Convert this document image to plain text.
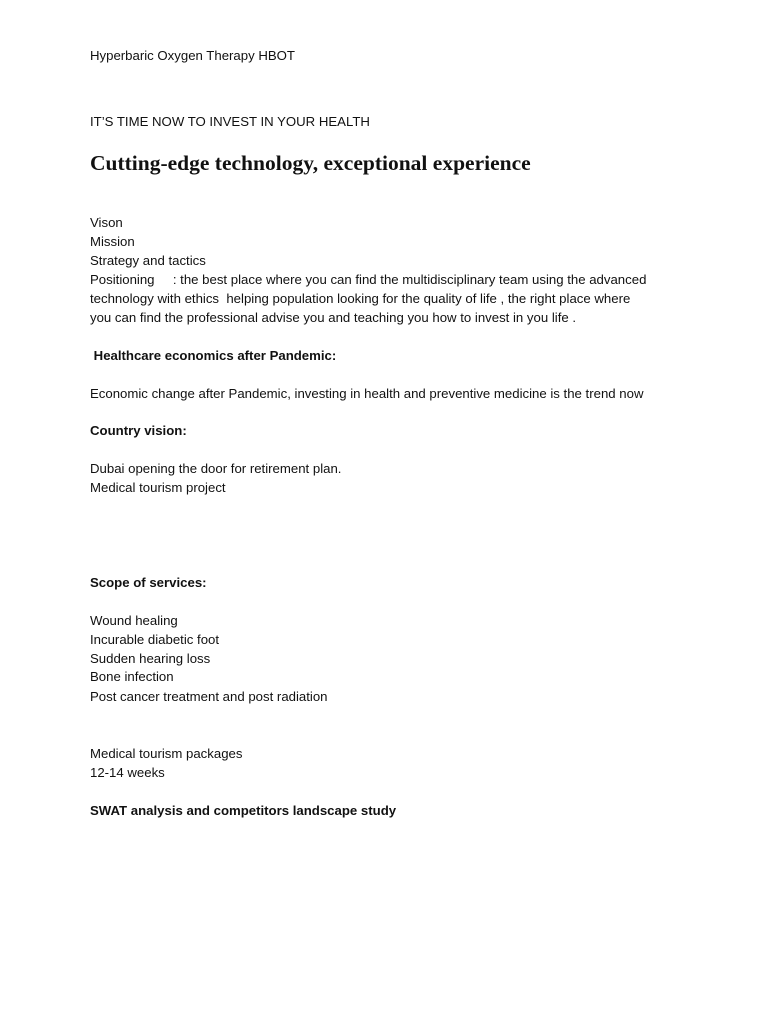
Hyperbaric Oxygen Therapy HBOT
IT’S TIME NOW TO INVEST IN YOUR HEALTH
Cutting-edge technology, exceptional experience
Vison
Mission
Strategy and tactics
Positioning     : the best place where you can find the multidisciplinary team using the advanced
technology with ethics  helping population looking for the quality of life , the right place where
you can find the professional advise you and teaching you how to invest in you life .
Healthcare economics after Pandemic:
Economic change after Pandemic, investing in health and preventive medicine is the trend now
Country vision:
Dubai opening the door for retirement plan.
Medical tourism project
Scope of services:
Wound healing
Incurable diabetic foot
Sudden hearing loss
Bone infection
Post cancer treatment and post radiation
Medical tourism packages
12-14 weeks
SWAT analysis and competitors landscape study
